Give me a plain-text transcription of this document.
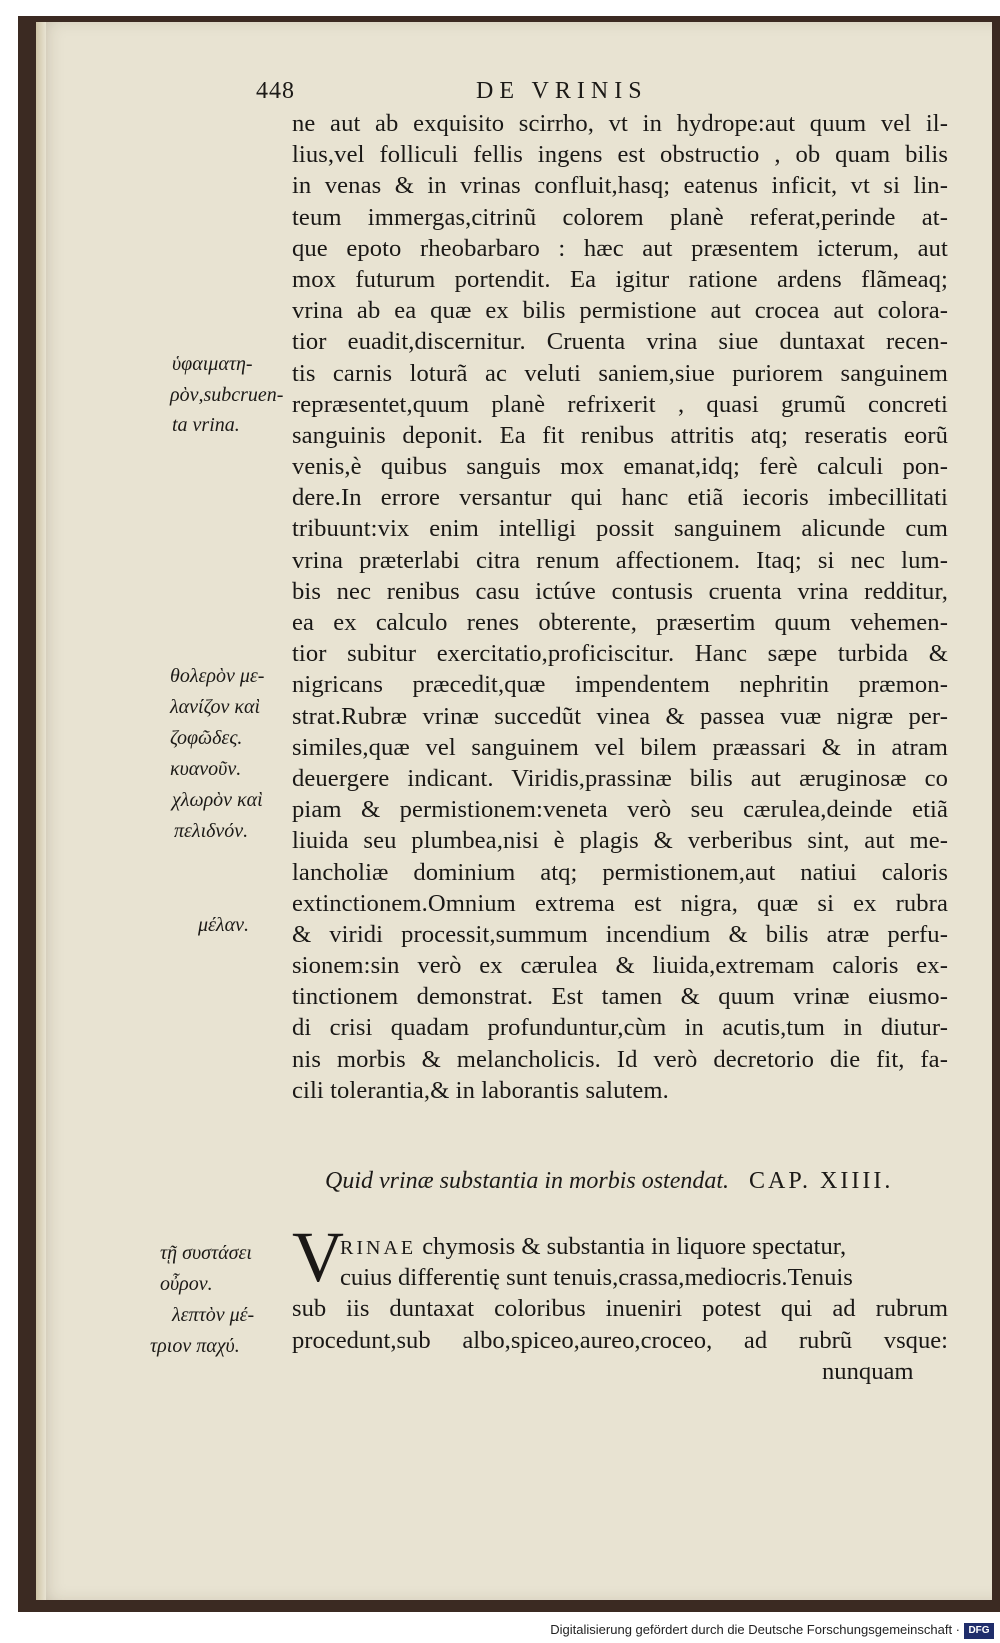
448	DE VRINIS
ne aut ab exquisito scirrho, vt in hydrope:aut quum vel il-
lius,vel folliculi fellis ingens est obstructio , ob quam bilis
in venas & in vrinas confluit,hasq; eatenus inficit, vt si lin-
teum immergas,citrinũ colorem planè referat,perinde at-
que epoto rheobarbaro : hæc aut præsentem icterum, aut
mox futurum portendit. Ea igitur ratione ardens flãmeaq;
vrina ab ea quæ ex bilis permistione aut crocea aut colora-
tior euadit,discernitur. Cruenta vrina siue duntaxat recen-
tis carnis loturã ac veluti saniem,siue puriorem sanguinem
repræsentet,quum planè refrixerit , quasi grumũ concreti
sanguinis deponit. Ea fit renibus attritis atq; reseratis eorũ
venis,è quibus sanguis mox emanat,idq; ferè calculi pon-
dere.In errore versantur qui hanc etiã iecoris imbecillitati
tribuunt:vix enim intelligi possit sanguinem alicunde cum
vrina præterlabi citra renum affectionem. Itaq; si nec lum-
bis nec renibus casu ictúve contusis cruenta vrina redditur,
ea ex calculo renes obterente, præsertim quum vehemen-
tior subitur exercitatio,proficiscitur. Hanc sæpe turbida &
nigricans præcedit,quæ impendentem nephritin præmon-
strat.Rubræ vrinæ succedũt vinea & passea vuæ nigræ per-
similes,quæ vel sanguinem vel bilem præassari & in atram
deuergere indicant. Viridis,prassinæ bilis aut æruginosæ co
piam & permistionem:veneta verò seu cærulea,deinde etiã
liuida seu plumbea,nisi è plagis & verberibus sint, aut me-
lancholiæ dominium atq; permistionem,aut natiui caloris
extinctionem.Omnium extrema est nigra, quæ si ex rubra
& viridi processit,summum incendium & bilis atræ perfu-
sionem:sin verò ex cærulea & liuida,extremam caloris ex-
tinctionem demonstrat. Est tamen & quum vrinæ eiusmo-
di crisi quadam profunduntur,cùm in acutis,tum in diutur-
nis morbis & melancholicis. Id verò decretorio die fit, fa-
cili tolerantia,& in laborantis salutem.
ὑφαιματη-
ρὸν,subcruen-
ta vrina.
θολερὸν με-
λανίζον καὶ
ζοφῶδες.
κυανοῦν.
χλωρὸν καὶ
πελιδνόν.
μέλαν.
τῇ συστάσει
οὖρον.
λεπτὸν μέ-
τριον παχύ.
Quid vrinæ substantia in morbis ostendat. CAP. XIIII.
V
RINAE chymosis & substantia in liquore spectatur,
cuius differentię sunt tenuis,crassa,mediocris.Tenuis
sub iis duntaxat coloribus inueniri potest qui ad rubrum
procedunt,sub albo,spiceo,aureo,croceo, ad rubrũ vsque:
nunquam
Digitalisierung gefördert durch die Deutsche Forschungsgemeinschaft · DFG
